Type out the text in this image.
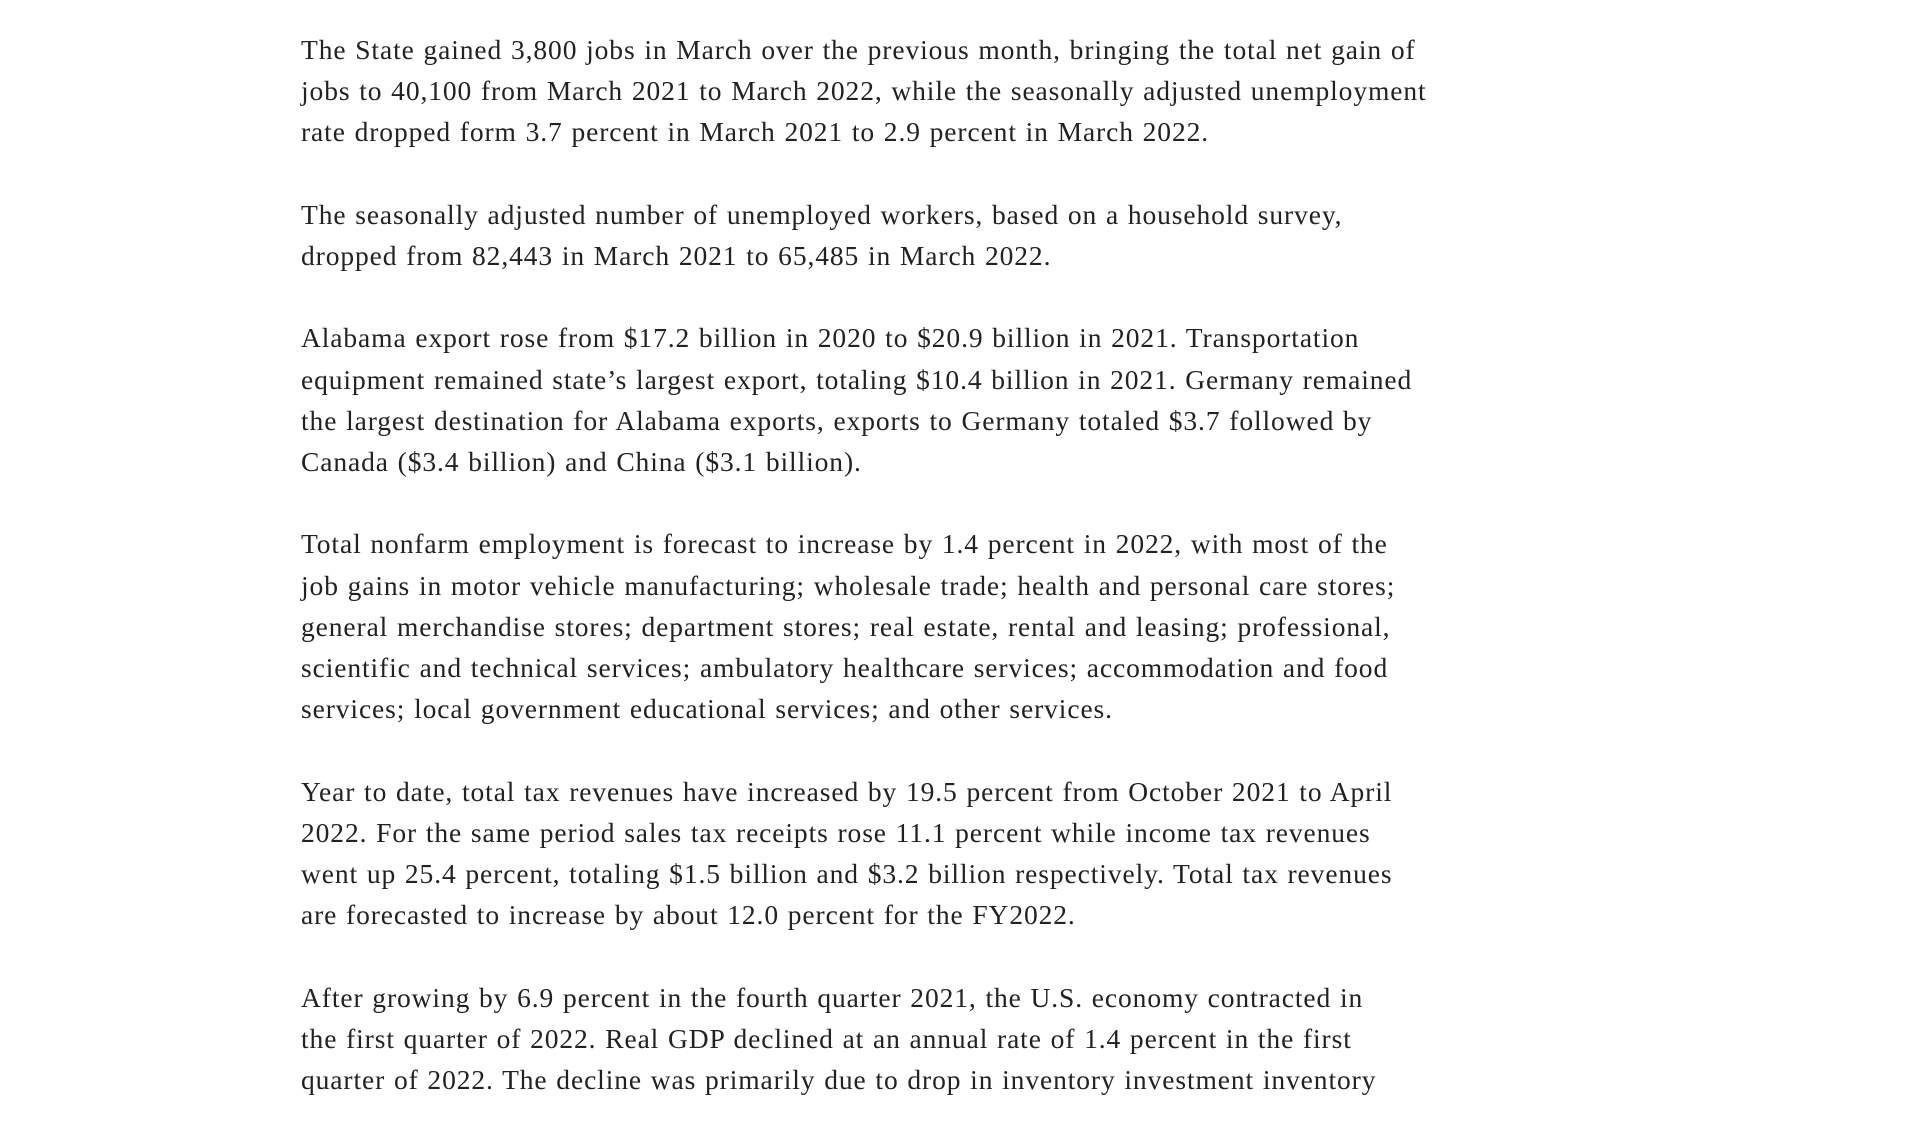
The State gained 3,800 jobs in March over the previous month, bringing the total net gain of
jobs to 40,100 from March 2021 to March 2022, while the seasonally adjusted unemployment
rate dropped form 3.7 percent in March 2021 to 2.9 percent in March 2022.

The seasonally adjusted number of unemployed workers, based on a household survey,
dropped from 82,443 in March 2021 to 65,485 in March 2022.

Alabama export rose from $17.2 billion in 2020 to $20.9 billion in 2021. Transportation
equipment remained state’s largest export, totaling $10.4 billion in 2021. Germany remained
the largest destination for Alabama exports, exports to Germany totaled $3.7 followed by
Canada ($3.4 billion) and China ($3.1 billion).

Total nonfarm employment is forecast to increase by 1.4 percent in 2022, with most of the
job gains in motor vehicle manufacturing; wholesale trade; health and personal care stores;
general merchandise stores; department stores; real estate, rental and leasing; professional,
scientific and technical services; ambulatory healthcare services; accommodation and food
services; local government educational services; and other services.

Year to date, total tax revenues have increased by 19.5 percent from October 2021 to April
2022. For the same period sales tax receipts rose 11.1 percent while income tax revenues
went up 25.4 percent, totaling $1.5 billion and $3.2 billion respectively. Total tax revenues
are forecasted to increase by about 12.0 percent for the FY2022.

After growing by 6.9 percent in the fourth quarter 2021, the U.S. economy contracted in
the first quarter of 2022. Real GDP declined at an annual rate of 1.4 percent in the first
quarter of 2022. The decline was primarily due to drop in inventory investment inventory
